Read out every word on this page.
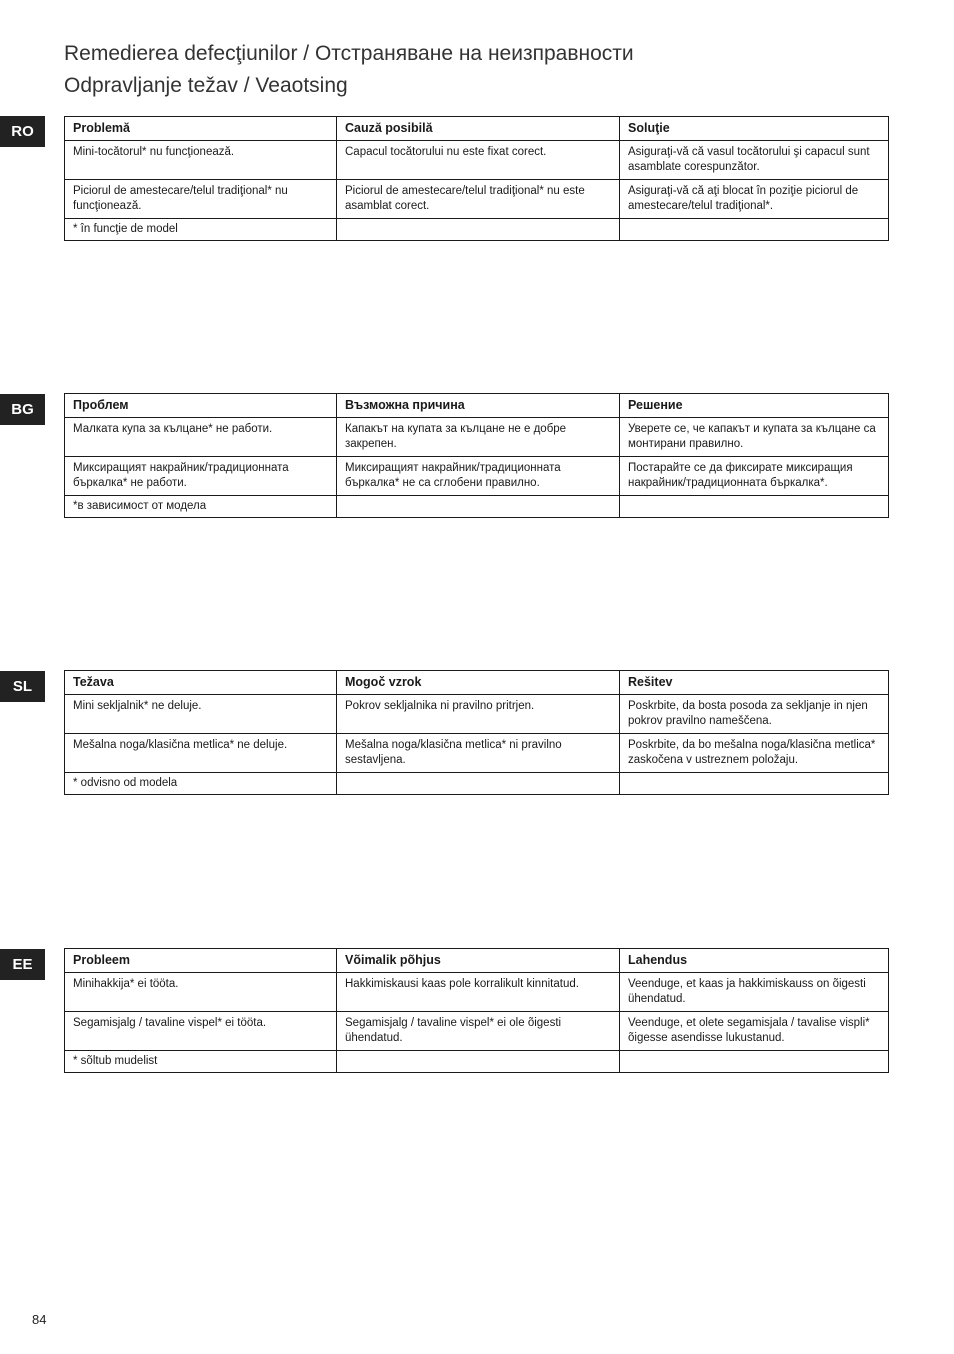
Remedierea defecţiunilor / Отстраняване на неизправности
Odpravljanje težav / Veaotsing
RO	Problemă	Cauză posibilă	Soluţie
Mini-tocătorul* nu funcţionează.	Capacul tocătorului nu este fixat corect.	Asiguraţi-vă că vasul tocătorului şi capacul sunt asamblate corespunzător.
Piciorul de amestecare/telul tradiţional* nu funcţionează.	Piciorul de amestecare/telul tradiţional* nu este asamblat corect.	Asiguraţi-vă că aţi blocat în poziţie piciorul de amestecare/telul tradiţional*.
* în funcţie de model		
BG	Проблем	Възможна причина	Решение
Малката купа за кълцане* не работи.	Капакът на купата за кълцане не е добре закрепен.	Уверете се, че капакът и купата за кълцане са монтирани правилно.
Миксиращият накрайник/традиционната бъркалка* не работи.	Миксиращият накрайник/традиционната бъркалка* не са сглобени правилно.	Постарайте се да фиксирате миксиращия накрайник/традиционната бъркалка*.
*в зависимост от модела		
SL	Težava	Mogoč vzrok	Rešitev
Mini sekljalnik* ne deluje.	Pokrov sekljalnika ni pravilno pritrjen.	Poskrbite, da bosta posoda za sekljanje in njen pokrov pravilno nameščena.
Mešalna noga/klasična metlica* ne deluje.	Mešalna noga/klasična metlica* ni pravilno sestavljena.	Poskrbite, da bo mešalna noga/klasična metlica* zaskočena v ustreznem položaju.
* odvisno od modela		
EE	Probleem	Võimalik põhjus	Lahendus
Minihakkija* ei tööta.	Hakkimiskausi kaas pole korralikult kinnitatud.	Veenduge, et kaas ja hakkimiskauss on õigesti ühendatud.
Segamisjalg / tavaline vispel* ei tööta.	Segamisjalg / tavaline vispel* ei ole õigesti ühendatud.	Veenduge, et olete segamisjala / tavalise vispli* õigesse asendisse lukustanud.
* sõltub mudelist		
84
